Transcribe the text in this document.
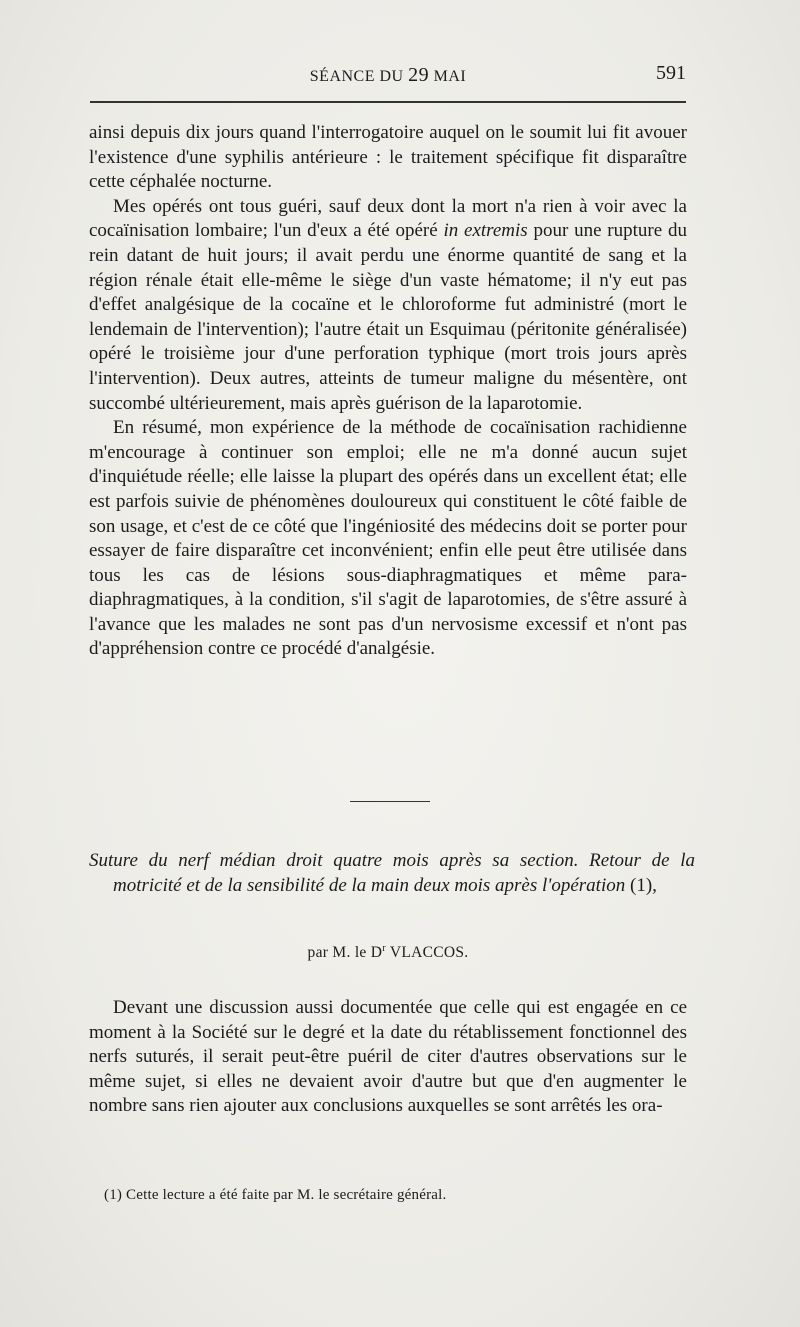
SÉANCE DU 29 MAI	591

ainsi depuis dix jours quand l'interrogatoire auquel on le soumit lui fit avouer l'existence d'une syphilis antérieure : le traitement spécifique fit disparaître cette céphalée nocturne.

Mes opérés ont tous guéri, sauf deux dont la mort n'a rien à voir avec la cocaïnisation lombaire; l'un d'eux a été opéré in extremis pour une rupture du rein datant de huit jours; il avait perdu une énorme quantité de sang et la région rénale était elle-même le siège d'un vaste hématome; il n'y eut pas d'effet analgésique de la cocaïne et le chloroforme fut administré (mort le lendemain de l'intervention); l'autre était un Esquimau (péritonite généralisée) opéré le troisième jour d'une perforation typhique (mort trois jours après l'intervention). Deux autres, atteints de tumeur maligne du mésentère, ont succombé ultérieurement, mais après guérison de la laparotomie.

En résumé, mon expérience de la méthode de cocaïnisation rachidienne m'encourage à continuer son emploi; elle ne m'a donné aucun sujet d'inquiétude réelle; elle laisse la plupart des opérés dans un excellent état; elle est parfois suivie de phénomènes douloureux qui constituent le côté faible de son usage, et c'est de ce côté que l'ingéniosité des médecins doit se porter pour essayer de faire disparaître cet inconvénient; enfin elle peut être utilisée dans tous les cas de lésions sous-diaphragmatiques et même para-diaphragmatiques, à la condition, s'il s'agit de laparotomies, de s'être assuré à l'avance que les malades ne sont pas d'un nervosisme excessif et n'ont pas d'appréhension contre ce procédé d'analgésie.

Suture du nerf médian droit quatre mois après sa section. Retour de la motricité et de la sensibilité de la main deux mois après l'opération (1),
par M. le $D^r$ VLACCOS.

Devant une discussion aussi documentée que celle qui est engagée en ce moment à la Société sur le degré et la date du rétablissement fonctionnel des nerfs suturés, il serait peut-être puéril de citer d'autres observations sur le même sujet, si elles ne devaient avoir d'autre but que d'en augmenter le nombre sans rien ajouter aux conclusions auxquelles se sont arrêtés les ora-

(1) Cette lecture a été faite par M. le secrétaire général.
